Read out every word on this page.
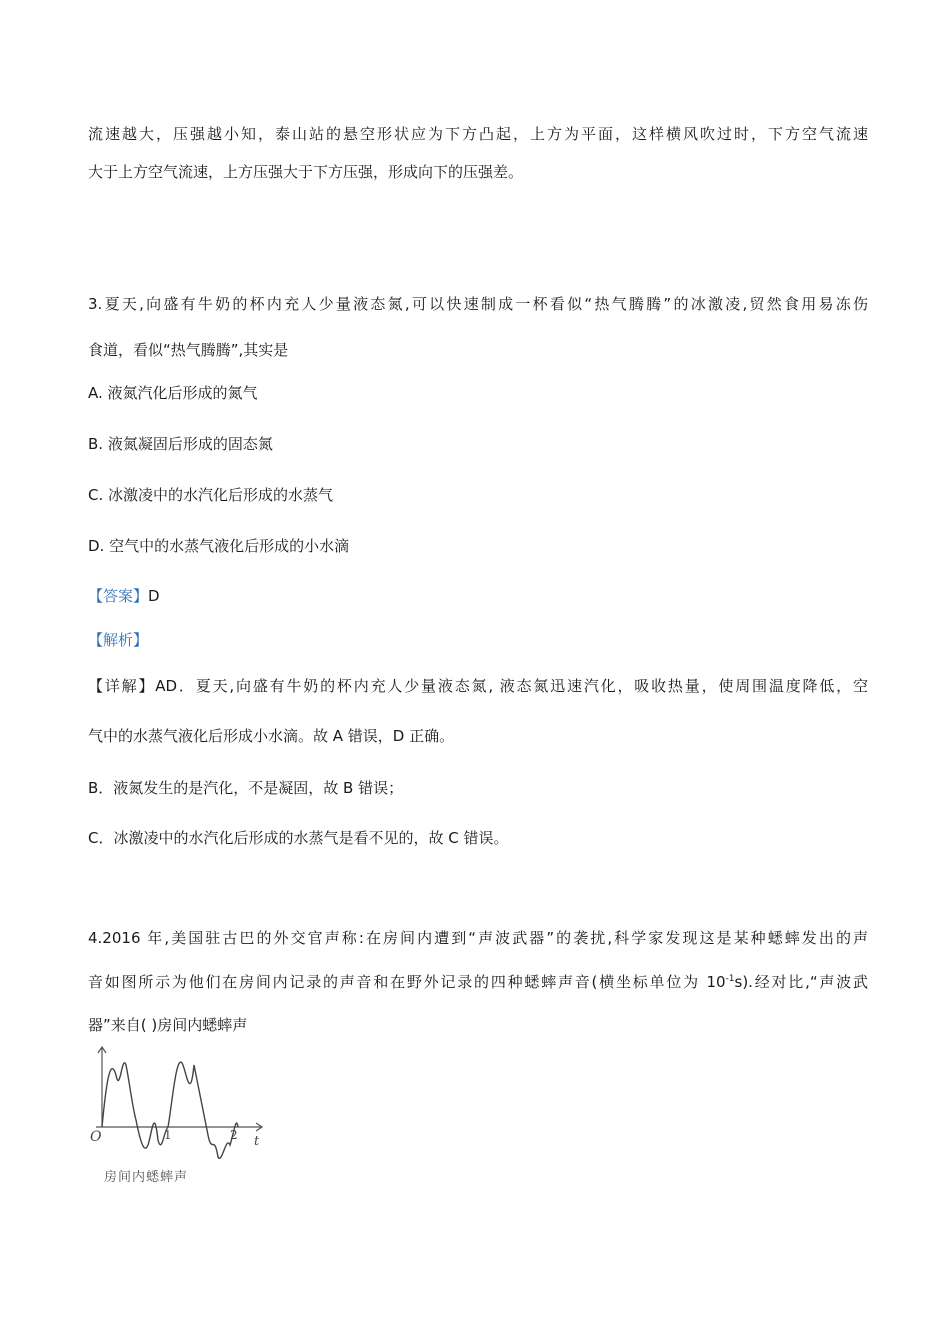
流速越大，压强越小知，泰山站的悬空形状应为下方凸起，上方为平面，这样横风吹过时，下方空气流速
大于上方空气流速，上方压强大于下方压强，形成向下的压强差。
3.夏天,向盛有牛奶的杯内充人少量液态氮,可以快速制成一杯看似“热气腾腾”的冰激凌,贸然食用易冻伤
食道，看似“热气腾腾”,其实是
A. 液氮汽化后形成的氮气
B. 液氮凝固后形成的固态氮
C. 冰激凌中的水汽化后形成的水蒸气
D. 空气中的水蒸气液化后形成的小水滴
【答案】D
【解析】
【详解】AD．夏天,向盛有牛奶的杯内充人少量液态氮, 液态氮迅速汽化，吸收热量，使周围温度降低，空
气中的水蒸气液化后形成小水滴。故 A 错误，D 正确。
B．液氮发生的是汽化，不是凝固，故 B 错误；
C．冰激凌中的水汽化后形成的水蒸气是看不见的，故 C 错误。
4.2016 年,美国驻古巴的外交官声称:在房间内遭到“声波武器”的袭扰,科学家发现这是某种蟋蟀发出的声
音如图所示为他们在房间内记录的声音和在野外记录的四种蟋蟀声音(横坐标单位为 $10^{-1}s$).经对比,“声波武
器”来自( )房间内蟋蟀声
O	1	2 t
房间内蟋蟀声
